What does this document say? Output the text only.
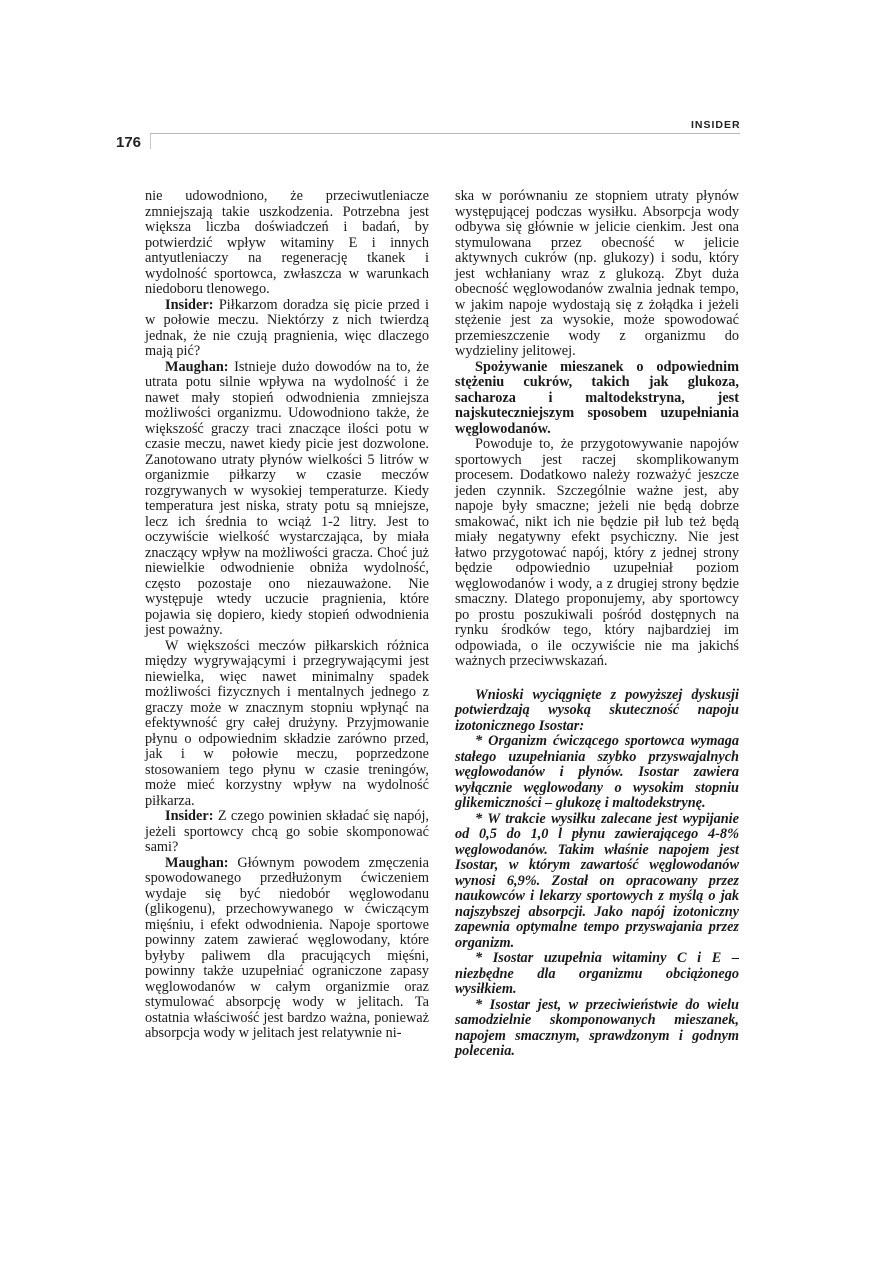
INSIDER
176

nie udowodniono, że przeciwutleniacze zmniejszają takie uszkodzenia. Potrzebna jest większa liczba doświadczeń i badań, by potwierdzić wpływ witaminy E i innych antyutleniaczy na regenerację tkanek i wydolność sportowca, zwłaszcza w warunkach niedoboru tlenowego.

Insider: Piłkarzom doradza się picie przed i w połowie meczu. Niektórzy z nich twierdzą jednak, że nie czują pragnienia, więc dlaczego mają pić?

Maughan: Istnieje dużo dowodów na to, że utrata potu silnie wpływa na wydolność i że nawet mały stopień odwodnienia zmniejsza możliwości organizmu. Udowodniono także, że większość graczy traci znaczące ilości potu w czasie meczu, nawet kiedy picie jest dozwolone. Zanotowano utraty płynów wielkości 5 litrów w organizmie piłkarzy w czasie meczów rozgrywanych w wysokiej temperaturze. Kiedy temperatura jest niska, straty potu są mniejsze, lecz ich średnia to wciąż 1-2 litry. Jest to oczywiście wielkość wystarczająca, by miała znaczący wpływ na możliwości gracza. Choć już niewielkie odwodnienie obniża wydolność, często pozostaje ono niezauważone. Nie występuje wtedy uczucie pragnienia, które pojawia się dopiero, kiedy stopień odwodnienia jest poważny.

W większości meczów piłkarskich różnica między wygrywającymi i przegrywającymi jest niewielka, więc nawet minimalny spadek możliwości fizycznych i mentalnych jednego z graczy może w znacznym stopniu wpłynąć na efektywność gry całej drużyny. Przyjmowanie płynu o odpowiednim składzie zarówno przed, jak i w połowie meczu, poprzedzone stosowaniem tego płynu w czasie treningów, może mieć korzystny wpływ na wydolność piłkarza.

Insider: Z czego powinien składać się napój, jeżeli sportowcy chcą go sobie skomponować sami?

Maughan: Głównym powodem zmęczenia spowodowanego przedłużonym ćwiczeniem wydaje się być niedobór węglowodanu (glikogenu), przechowywanego w ćwiczącym mięśniu, i efekt odwodnienia. Napoje sportowe powinny zatem zawierać węglowodany, które byłyby paliwem dla pracujących mięśni, powinny także uzupełniać ograniczone zapasy węglowodanów w całym organizmie oraz stymulować absorpcję wody w jelitach. Ta ostatnia właściwość jest bardzo ważna, ponieważ absorpcja wody w jelitach jest relatywnie ni-

ska w porównaniu ze stopniem utraty płynów występującej podczas wysiłku. Absorpcja wody odbywa się głównie w jelicie cienkim. Jest ona stymulowana przez obecność w jelicie aktywnych cukrów (np. glukozy) i sodu, który jest wchłaniany wraz z glukozą. Zbyt duża obecność węglowodanów zwalnia jednak tempo, w jakim napoje wydostają się z żołądka i jeżeli stężenie jest za wysokie, może spowodować przemieszczenie wody z organizmu do wydzieliny jelitowej.

Spożywanie mieszanek o odpowiednim stężeniu cukrów, takich jak glukoza, sacharoza i maltodekstryna, jest najskuteczniejszym sposobem uzupełniania węglowodanów.

Powoduje to, że przygotowywanie napojów sportowych jest raczej skomplikowanym procesem. Dodatkowo należy rozważyć jeszcze jeden czynnik. Szczególnie ważne jest, aby napoje były smaczne; jeżeli nie będą dobrze smakować, nikt ich nie będzie pił lub też będą miały negatywny efekt psychiczny. Nie jest łatwo przygotować napój, który z jednej strony będzie odpowiednio uzupełniał poziom węglowodanów i wody, a z drugiej strony będzie smaczny. Dlatego proponujemy, aby sportowcy po prostu poszukiwali pośród dostępnych na rynku środków tego, który najbardziej im odpowiada, o ile oczywiście nie ma jakichś ważnych przeciwwskazań.

Wnioski wyciągnięte z powyższej dyskusji potwierdzają wysoką skuteczność napoju izotonicznego Isostar:

* Organizm ćwiczącego sportowca wymaga stałego uzupełniania szybko przyswajalnych węglowodanów i płynów. Isostar zawiera wyłącznie węglowodany o wysokim stopniu glikemiczności – glukozę i maltodekstrynę.

* W trakcie wysiłku zalecane jest wypijanie od 0,5 do 1,0 l płynu zawierającego 4-8% węglowodanów. Takim właśnie napojem jest Isostar, w którym zawartość węglowodanów wynosi 6,9%. Został on opracowany przez naukowców i lekarzy sportowych z myślą o jak najszybszej absorpcji. Jako napój izotoniczny zapewnia optymalne tempo przyswajania przez organizm.

* Isostar uzupełnia witaminy C i E – niezbędne dla organizmu obciążonego wysiłkiem.

* Isostar jest, w przeciwieństwie do wielu samodzielnie skomponowanych mieszanek, napojem smacznym, sprawdzonym i godnym polecenia.
